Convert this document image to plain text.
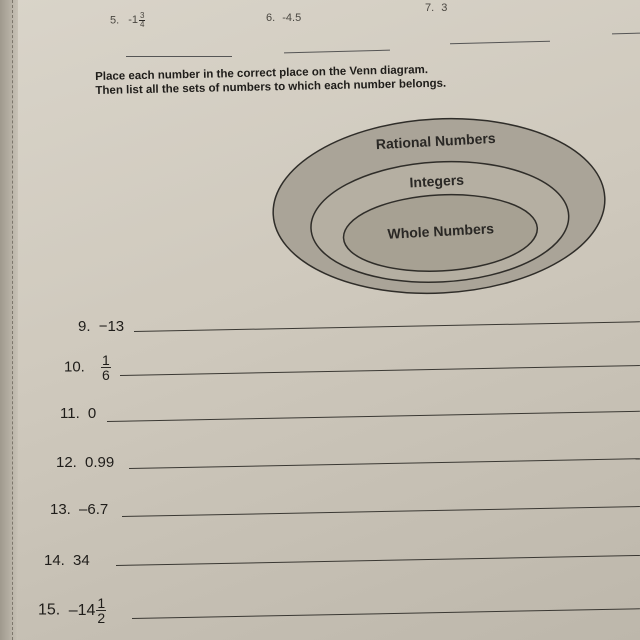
5. $-1 \frac{3}{4}$	6. -4.5
7. 3
Place each number in the correct place on the Venn diagram.
Then list all the sets of numbers to which each number belongs.
Rational Numbers
Integers
Whole Numbers
9. −13
10. $\frac{1}{6}$
11. 0
12. 0.99
13. –6.7
14. 34
15. $-14 \frac{1}{2}$
